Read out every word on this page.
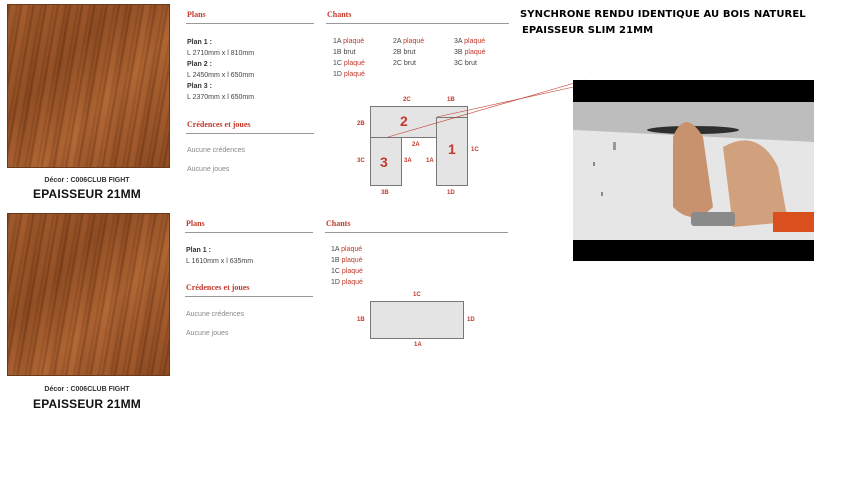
Décor : C006CLUB FIGHT
EPAISSEUR 21MM
Plans
Plan 1 :
L 2710mm x l 810mm
Plan 2 :
L 2450mm x l 650mm
Plan 3 :
L 2370mm x l 650mm
Crédences et joues
Aucune crédences
Aucune joues
Chants
1A plaqué	2A plaqué	3A plaqué
1B brut	2B brut	3B plaqué
1C plaqué	2C brut	3C brut
1D plaqué
2
3
1
2C	1B
2B
3C
2A
3A 1A
1C
3B	1D
Décor : C006CLUB FIGHT
EPAISSEUR 21MM
Plans
Plan 1 :
L 1610mm x l 635mm
Crédences et joues
Aucune crédences
Aucune joues
Chants
1A plaqué
1B plaqué
1C plaqué
1D plaqué
1C
1B	1D
1A
SYNCHRONE RENDU IDENTIQUE AU BOIS NATUREL
EPAISSEUR SLIM 21MM
